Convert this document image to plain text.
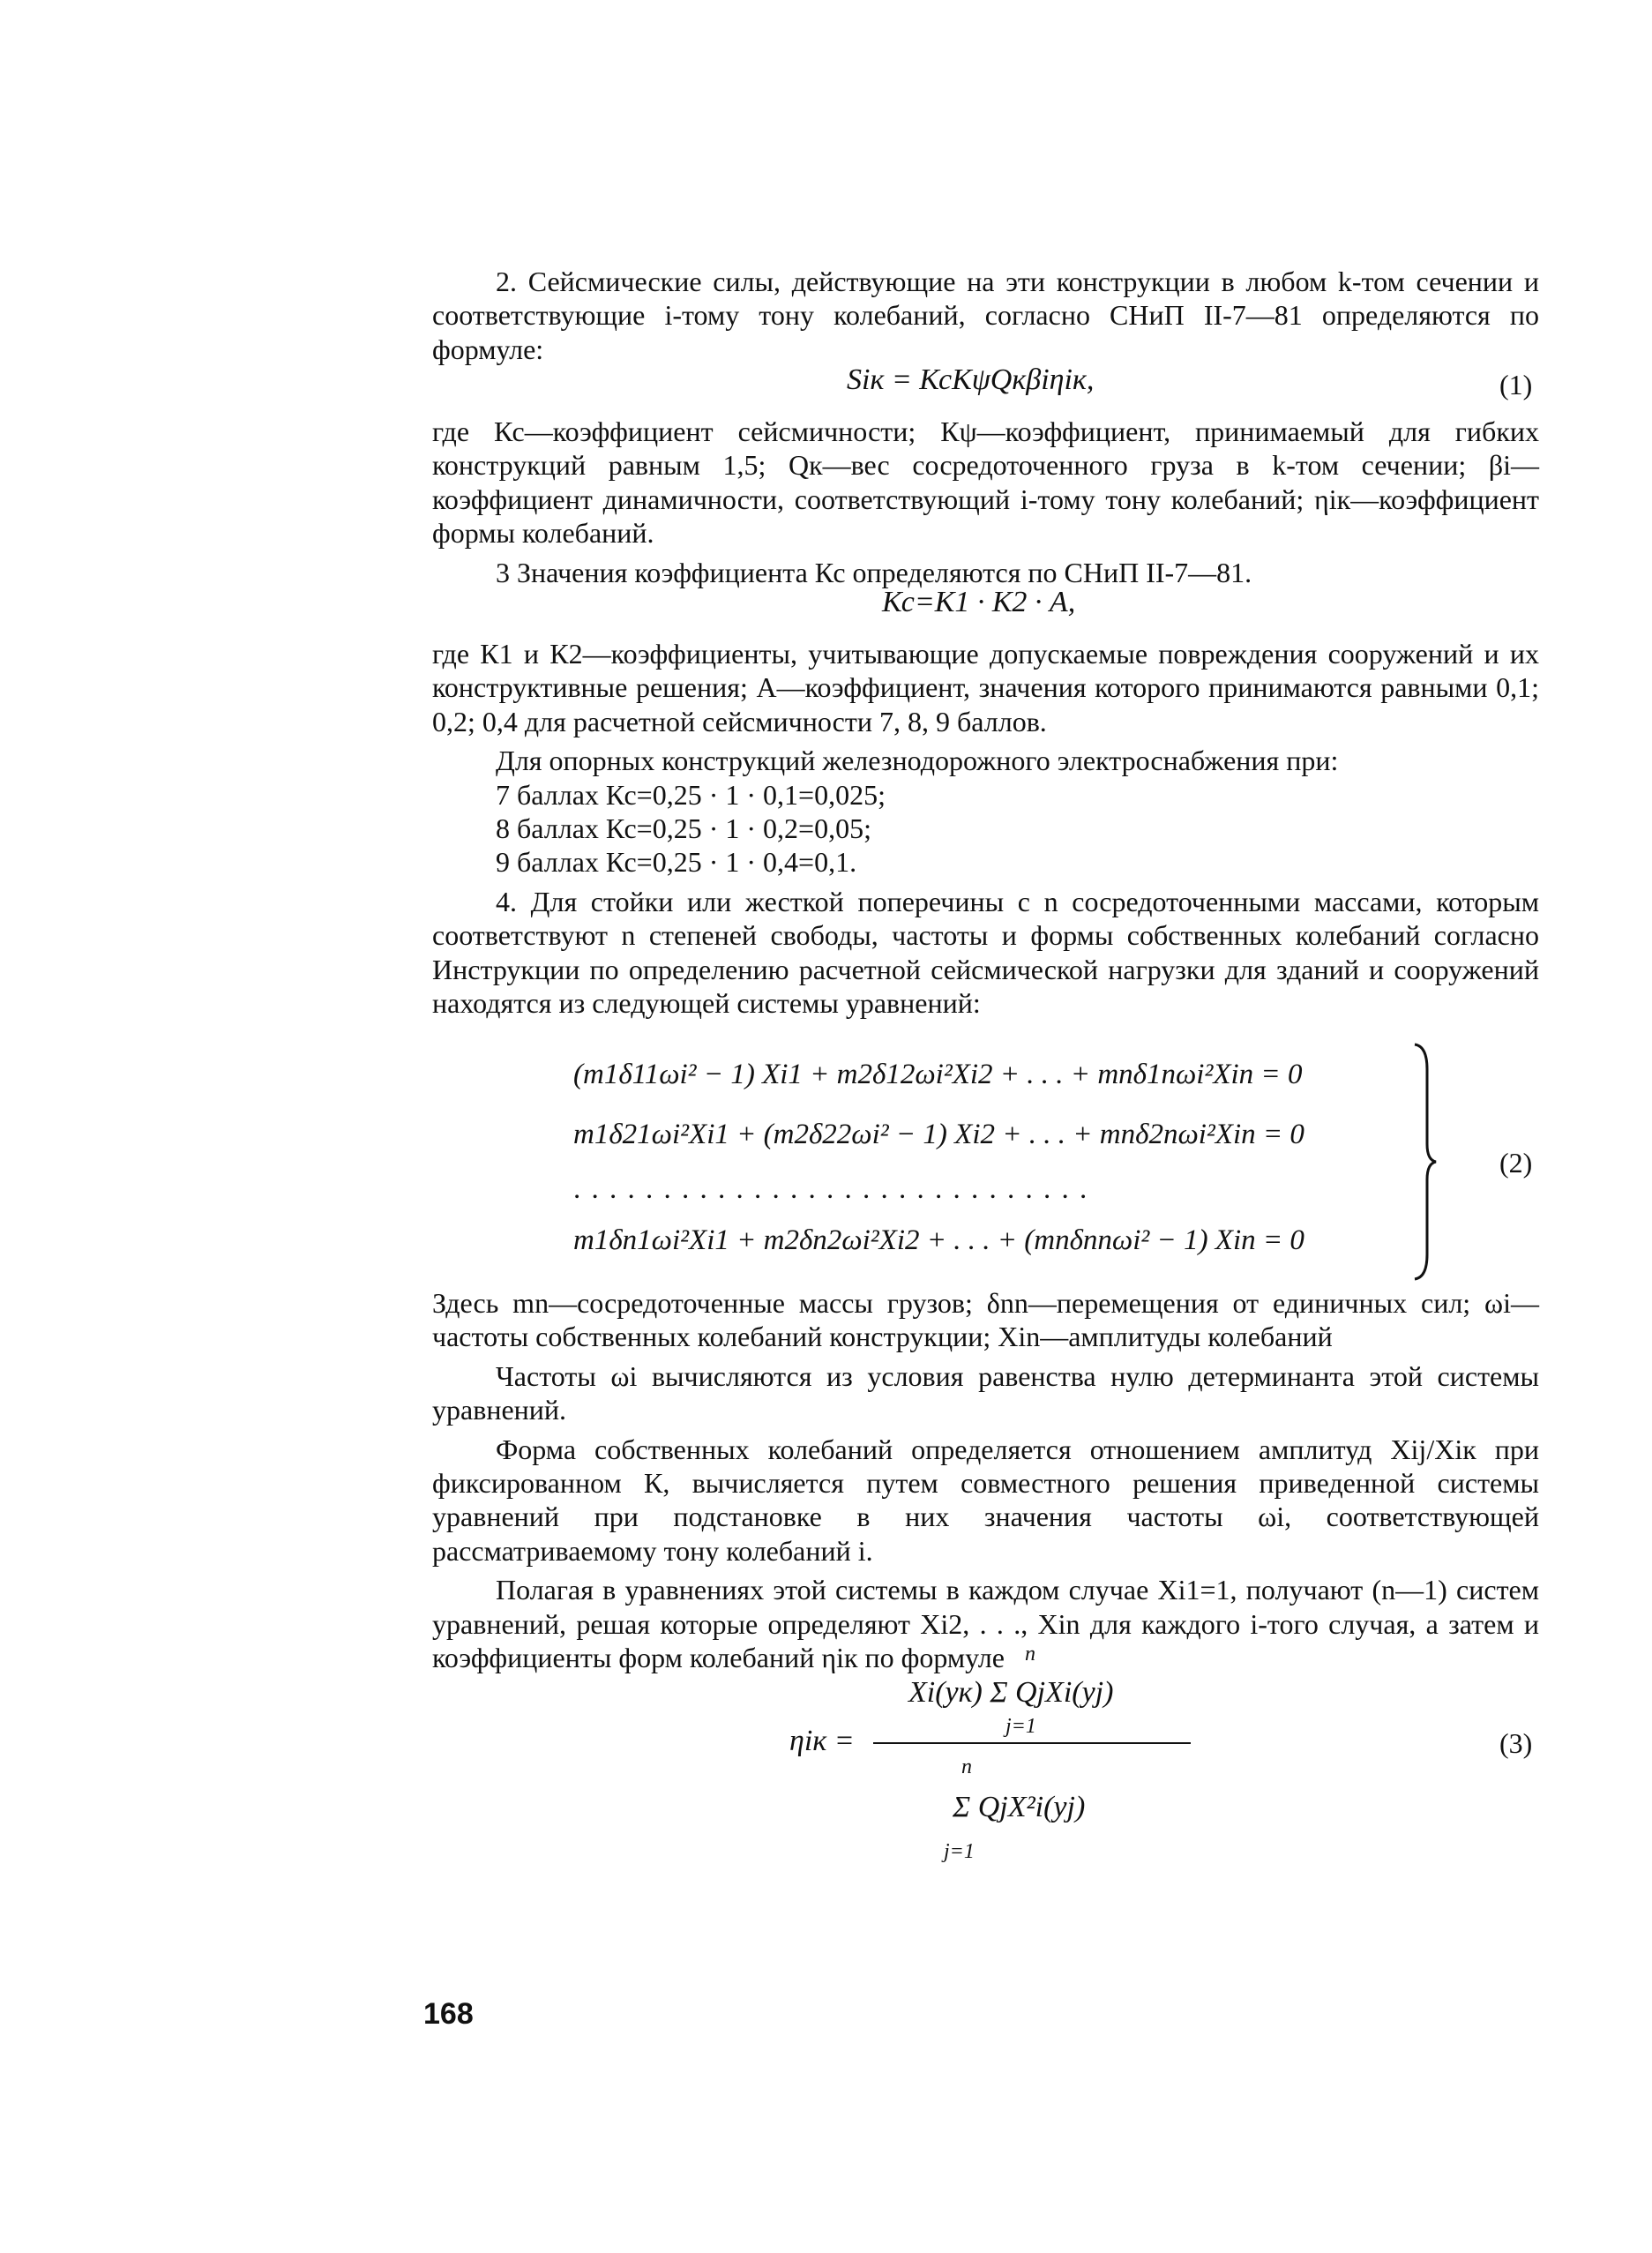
2. Сейсмические силы, действующие на эти конструкции в любом k-том сечении и соответствующие i-тому тону колебаний, согласно СНиП II-7—81 определяются по формуле:

Siк = КсКψQкβiηiк,	(1)

где Кс—коэффициент сейсмичности; Кψ—коэффициент, принимаемый для гибких конструкций равным 1,5; Qк—вес сосредоточенного груза в k-том сечении; βi—коэффициент динамичности, соответствующий i-тому тону колебаний; ηiк—коэффициент формы колебаний.

3 Значения коэффициента Кс определяются по СНиП II-7—81.

Кс=К1 · К2 · А,

где К1 и К2—коэффициенты, учитывающие допускаемые повреждения сооружений и их конструктивные решения; А—коэффициент, значения которого принимаются равными 0,1; 0,2; 0,4 для расчетной сейсмичности 7, 8, 9 баллов.

Для опорных конструкций железнодорожного электроснабжения при:

7 баллах Кс=0,25 · 1 · 0,1=0,025;

8 баллах Кс=0,25 · 1 · 0,2=0,05;

9 баллах Кс=0,25 · 1 · 0,4=0,1.

4. Для стойки или жесткой поперечины с n сосредоточенными массами, которым соответствуют n степеней свободы, частоты и формы собственных колебаний согласно Инструкции по определению расчетной сейсмической нагрузки для зданий и сооружений находятся из следующей системы уравнений:

(m1δ11ωi² − 1) Xi1 + m2δ12ωi²Xi2 + . . . + mnδ1nωi²Xin = 0
m1δ21ωi²Xi1 + (m2δ22ωi² − 1) Xi2 + . . . + mnδ2nωi²Xin = 0
. . . . . . . . . . . . . . . . . . . . . . . . . . . . .
m1δn1ωi²Xi1 + m2δn2ωi²Xi2 + . . . + (mnδnnωi² − 1) Xin = 0
(2)

Здесь mn—сосредоточенные массы грузов; δnn—перемещения от единичных сил; ωi—частоты собственных колебаний конструкции; Xin—амплитуды колебаний

Частоты ωi вычисляются из условия равенства нулю детерминанта этой системы уравнений.

Форма собственных колебаний определяется отношением амплитуд Xij/Xiк при фиксированном К, вычисляется путем совместного решения приведенной системы уравнений при подстановке в них значения частоты ωi, соответствующей рассматриваемому тону колебаний i.

Полагая в уравнениях этой системы в каждом случае Xi1=1, получают (n—1) систем уравнений, решая которые определяют Xi2, . . ., Xin для каждого i-того случая, а затем и коэффициенты форм колебаний ηiк по формуле

ηiк =
Xi(yк) Σ QjXi(yj)
n
j=1
Σ QjX²i(yj)
n
j=1
(3)
168
